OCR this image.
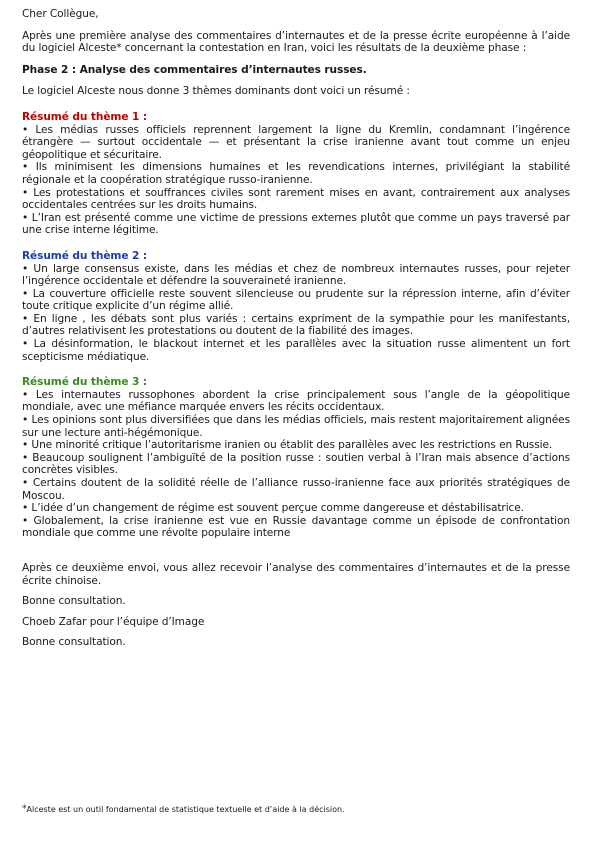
Cher Collègue,

Après une première analyse des commentaires d’internautes et de la presse écrite européenne à l’aide du logiciel Alceste* concernant la contestation en Iran, voici les résultats de la deuxième phase :

Phase 2 : Analyse des commentaires d’internautes russes.

Le logiciel Alceste nous donne 3 thèmes dominants dont voici un résumé :

Résumé du thème 1 :

• Les médias russes officiels reprennent largement la ligne du Kremlin, condamnant l’ingérence étrangère — surtout occidentale — et présentant la crise iranienne avant tout comme un enjeu géopolitique et sécuritaire.

• Ils minimisent les dimensions humaines et les revendications internes, privilégiant la stabilité régionale et la coopération stratégique russo-iranienne.

• Les protestations et souffrances civiles sont rarement mises en avant, contrairement aux analyses occidentales centrées sur les droits humains.

• L’Iran est présenté comme une victime de pressions externes plutôt que comme un pays traversé par une crise interne légitime.

Résumé du thème 2 :

• Un large consensus existe, dans les médias et chez de nombreux internautes russes, pour rejeter l’ingérence occidentale et défendre la souveraineté iranienne.

• La couverture officielle reste souvent silencieuse ou prudente sur la répression interne, afin d’éviter toute critique explicite d’un régime allié.

• En ligne , les débats sont plus variés : certains expriment de la sympathie pour les manifestants, d’autres relativisent les protestations ou doutent de la fiabilité des images.

• La désinformation, le blackout internet et les parallèles avec la situation russe alimentent un fort scepticisme médiatique.

Résumé du thème 3 :

• Les internautes russophones abordent la crise principalement sous l’angle de la géopolitique mondiale, avec une méfiance marquée envers les récits occidentaux.

• Les opinions sont plus diversifiées que dans les médias officiels, mais restent majoritairement alignées sur une lecture anti-hégémonique.

• Une minorité critique l’autoritarisme iranien ou établit des parallèles avec les restrictions en Russie.

• Beaucoup soulignent l’ambiguïté de la position russe : soutien verbal à l’Iran mais absence d’actions concrètes visibles.

• Certains doutent de la solidité réelle de l’alliance russo-iranienne face aux priorités stratégiques de Moscou.

• L’idée d’un changement de régime est souvent perçue comme dangereuse et déstabilisatrice.

• Globalement, la crise iranienne est vue en Russie davantage comme un épisode de confrontation mondiale que comme une révolte populaire interne

Après ce deuxième envoi, vous allez recevoir l’analyse des commentaires d’internautes et de la presse écrite chinoise.

Bonne consultation.

Choeb Zafar pour l’équipe d’Image

Bonne consultation.

*Alceste est un outil fondamental de statistique textuelle et d’aide à la décision.
